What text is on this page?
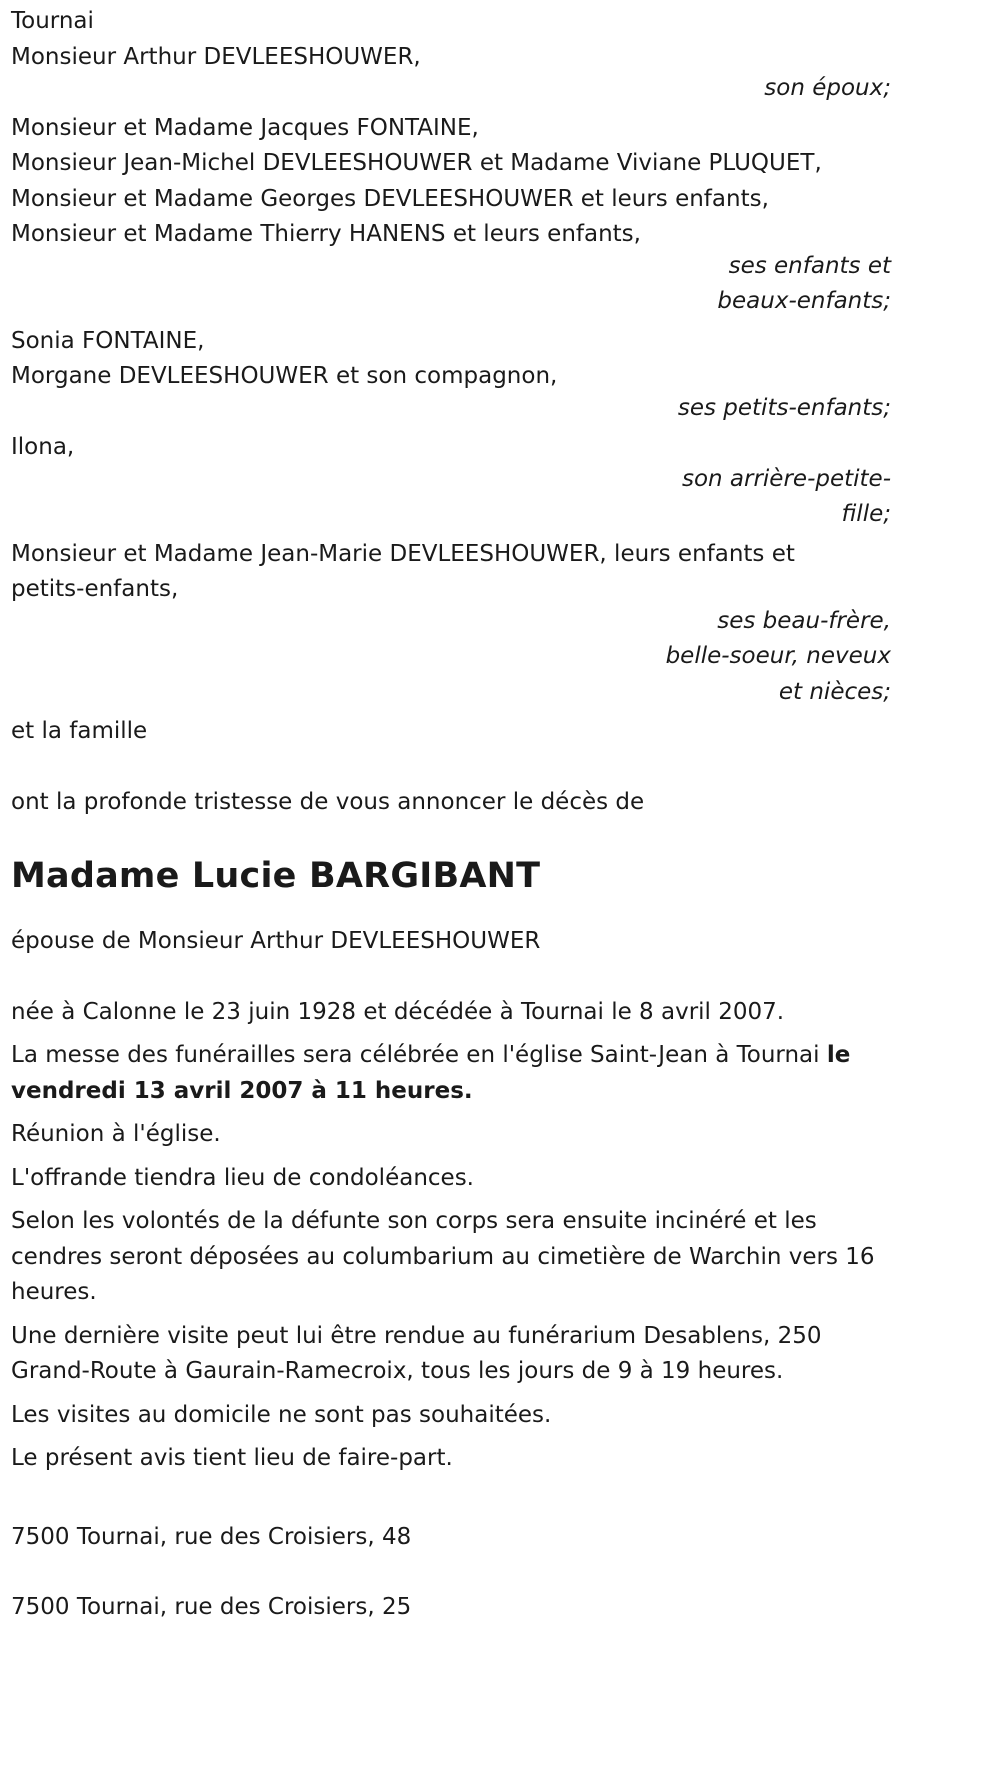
Tournai
Monsieur Arthur DEVLEESHOUWER,
son époux;
Monsieur et Madame Jacques FONTAINE,
Monsieur Jean-Michel DEVLEESHOUWER et Madame Viviane PLUQUET,
Monsieur et Madame Georges DEVLEESHOUWER et leurs enfants,
Monsieur et Madame Thierry HANENS et leurs enfants,
ses enfants et
beaux-enfants;
Sonia FONTAINE,
Morgane DEVLEESHOUWER et son compagnon,
ses petits-enfants;
Ilona,
son arrière-petite-
fille;
Monsieur et Madame Jean-Marie DEVLEESHOUWER, leurs enfants et
petits-enfants,
ses beau-frère,
belle-soeur, neveux
et nièces;
et la famille
ont la profonde tristesse de vous annoncer le décès de
Madame Lucie BARGIBANT
épouse de Monsieur Arthur DEVLEESHOUWER

née à Calonne le 23 juin 1928 et décédée à Tournai le 8 avril 2007.

La messe des funérailles sera célébrée en l'église Saint-Jean à Tournai le
vendredi 13 avril 2007 à 11 heures.

Réunion à l'église.

L'offrande tiendra lieu de condoléances.

Selon les volontés de la défunte son corps sera ensuite incinéré et les cendres seront déposées au columbarium au cimetière de Warchin vers 16 heures.

Une dernière visite peut lui être rendue au funérarium Desablens, 250 Grand-Route à Gaurain-Ramecroix, tous les jours de 9 à 19 heures.

Les visites au domicile ne sont pas souhaitées.

Le présent avis tient lieu de faire-part.

7500 Tournai, rue des Croisiers, 48
7500 Tournai, rue des Croisiers, 25
